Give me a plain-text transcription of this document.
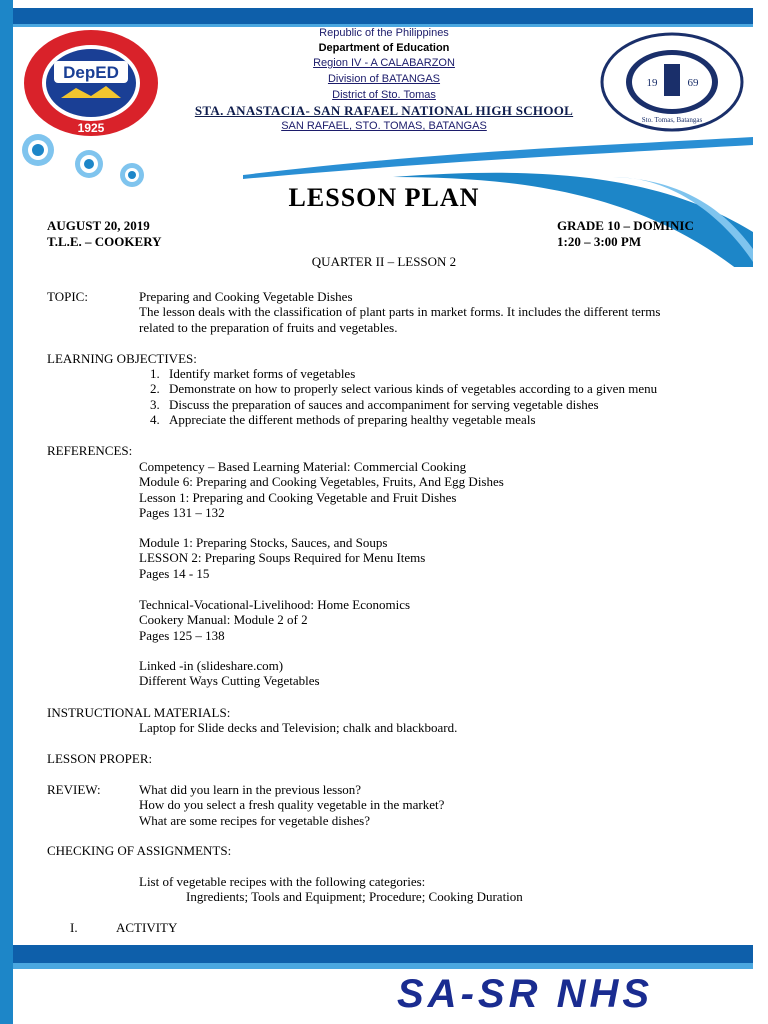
DepED
1925
19	69
Sto. Tomas, Batangas
Republic of the Philippines
Department of Education
Region IV - A CALABARZON
Division of BATANGAS
District of Sto. Tomas
STA. ANASTACIA- SAN RAFAEL NATIONAL HIGH SCHOOL
SAN RAFAEL, STO. TOMAS, BATANGAS
LESSON PLAN
AUGUST 20, 2019
T.L.E. – COOKERY
GRADE 10 – DOMINIC
1:20 – 3:00 PM
QUARTER II – LESSON 2
TOPIC:	Preparing and Cooking Vegetable Dishes
The lesson deals with the classification of plant parts in market forms. It includes the different terms
related to the preparation of fruits and vegetables.
LEARNING OBJECTIVES:
1. Identify market forms of vegetables
2. Demonstrate on how to properly select various kinds of vegetables according to a given menu
3. Discuss the preparation of sauces and accompaniment for serving vegetable dishes
4. Appreciate the different methods of preparing healthy vegetable meals
REFERENCES:
Competency – Based Learning Material: Commercial Cooking
Module 6: Preparing and Cooking Vegetables, Fruits, And Egg Dishes
Lesson 1: Preparing and Cooking Vegetable and Fruit Dishes
Pages 131 – 132
Module 1: Preparing Stocks, Sauces, and Soups
LESSON 2: Preparing Soups Required for Menu Items
Pages 14 - 15
Technical-Vocational-Livelihood: Home Economics
Cookery Manual: Module 2 of 2
Pages 125 – 138
Linked -in (slideshare.com)
Different Ways Cutting Vegetables
INSTRUCTIONAL MATERIALS:
Laptop for Slide decks and Television; chalk and blackboard.
LESSON PROPER:
REVIEW:	What did you learn in the previous lesson?
How do you select a fresh quality vegetable in the market?
What are some recipes for vegetable dishes?
CHECKING OF ASSIGNMENTS:
List of vegetable recipes with the following categories:
Ingredients; Tools and Equipment; Procedure; Cooking Duration
I.	ACTIVITY
SA-SR NHS
